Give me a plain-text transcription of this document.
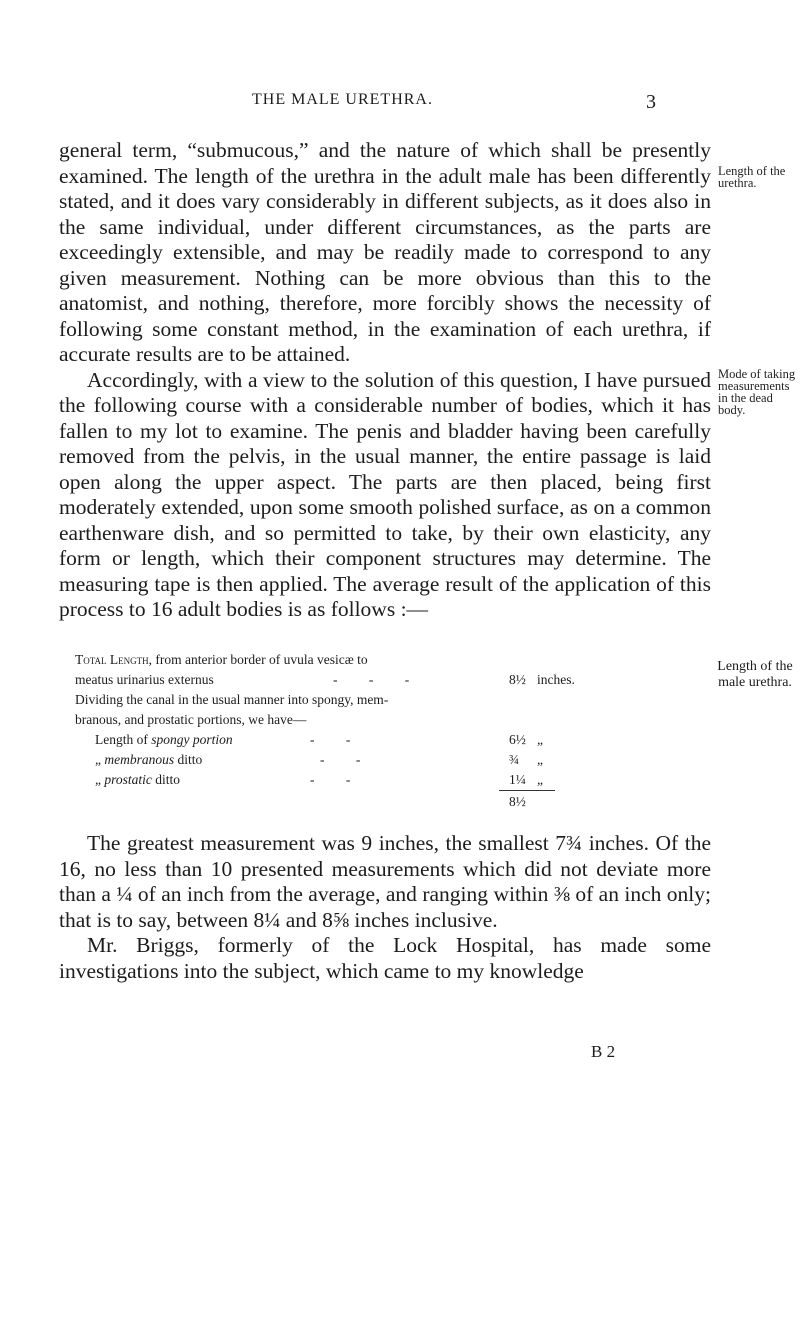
THE MALE URETHRA.	3

general term, “submucous,” and the nature of which shall be presently examined. The length of the urethra in the adult male has been differently stated, and it does vary considerably in different subjects, as it does also in the same individual, under different circumstances, as the parts are exceedingly extensible, and may be readily made to correspond to any given measurement. Nothing can be more obvious than this to the anatomist, and nothing, therefore, more forcibly shows the necessity of following some constant method, in the examination of each urethra, if accurate results are to be attained.

Accordingly, with a view to the solution of this question, I have pursued the following course with a considerable number of bodies, which it has fallen to my lot to examine. The penis and bladder having been carefully removed from the pelvis, in the usual manner, the entire passage is laid open along the upper aspect. The parts are then placed, being first moderately extended, upon some smooth polished surface, as on a common earthenware dish, and so permitted to take, by their own elasticity, any form or length, which their component structures may determine. The measuring tape is then applied. The average result of the application of this process to 16 adult bodies is as follows :—

Length of the urethra.
Mode of taking measurements in the dead body.
Total Length, from anterior border of uvula vesicæ to
meatus urinarius externus	- - -	8½ inches.
Dividing the canal in the usual manner into spongy, mem-
branous, and prostatic portions, we have—
Length of spongy portion	- -	6½ „
„ membranous ditto	- -	¾ „
„ prostatic ditto	- -	1¼ „
8½
Length of the male urethra.

The greatest measurement was 9 inches, the smallest 7¾ inches. Of the 16, no less than 10 presented measurements which did not deviate more than a ¼ of an inch from the average, and ranging within ⅜ of an inch only; that is to say, between 8¼ and 8⅝ inches inclusive.

Mr. Briggs, formerly of the Lock Hospital, has made some investigations into the subject, which came to my knowledge

B 2
